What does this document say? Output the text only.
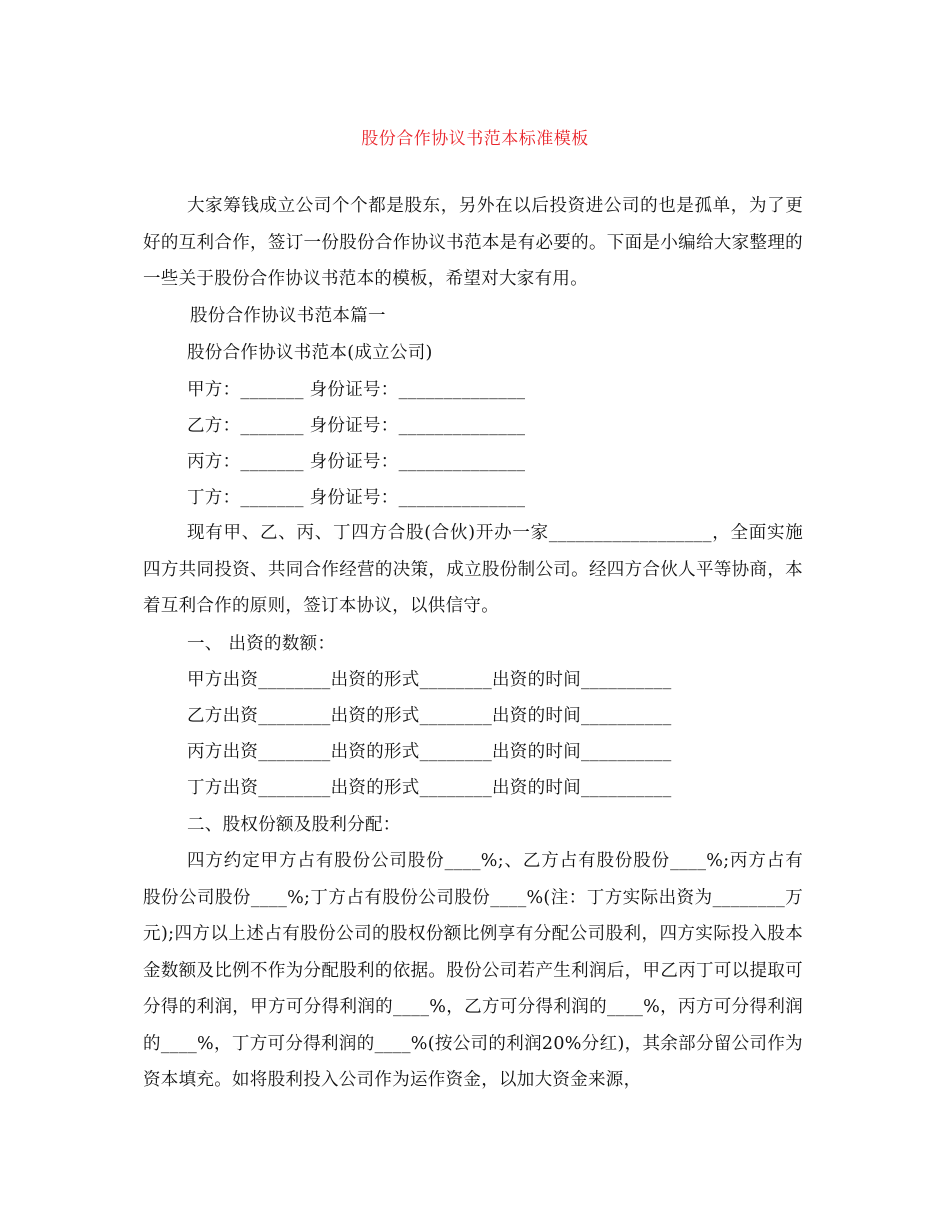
股份合作协议书范本标准模板

大家筹钱成立公司个个都是股东，另外在以后投资进公司的也是孤单，为了更好的互利合作，签订一份股份合作协议书范本是有必要的。下面是小编给大家整理的一些关于股份合作协议书范本的模板，希望对大家有用。

股份合作协议书范本篇一
股份合作协议书范本(成立公司)
甲方：_______ 身份证号：______________
乙方：_______ 身份证号：______________
丙方：_______ 身份证号：______________
丁方：_______ 身份证号：______________

现有甲、乙、丙、丁四方合股(合伙)开办一家__________________，全面实施四方共同投资、共同合作经营的决策，成立股份制公司。经四方合伙人平等协商，本着互利合作的原则，签订本协议，以供信守。

一、 出资的数额：
甲方出资________出资的形式________出资的时间__________
乙方出资________出资的形式________出资的时间__________
丙方出资________出资的形式________出资的时间__________
丁方出资________出资的形式________出资的时间__________
二、股权份额及股利分配：

四方约定甲方占有股份公司股份____%;、乙方占有股份股份____%;丙方占有股份公司股份____%;丁方占有股份公司股份____%(注：丁方实际出资为________万元);四方以上述占有股份公司的股权份额比例享有分配公司股利，四方实际投入股本金数额及比例不作为分配股利的依据。股份公司若产生利润后，甲乙丙丁可以提取可分得的利润，甲方可分得利润的____%，乙方可分得利润的____%，丙方可分得利润的____%，丁方可分得利润的____%(按公司的利润20%分红)，其余部分留公司作为资本填充。如将股利投入公司作为运作资金，以加大资金来源，
